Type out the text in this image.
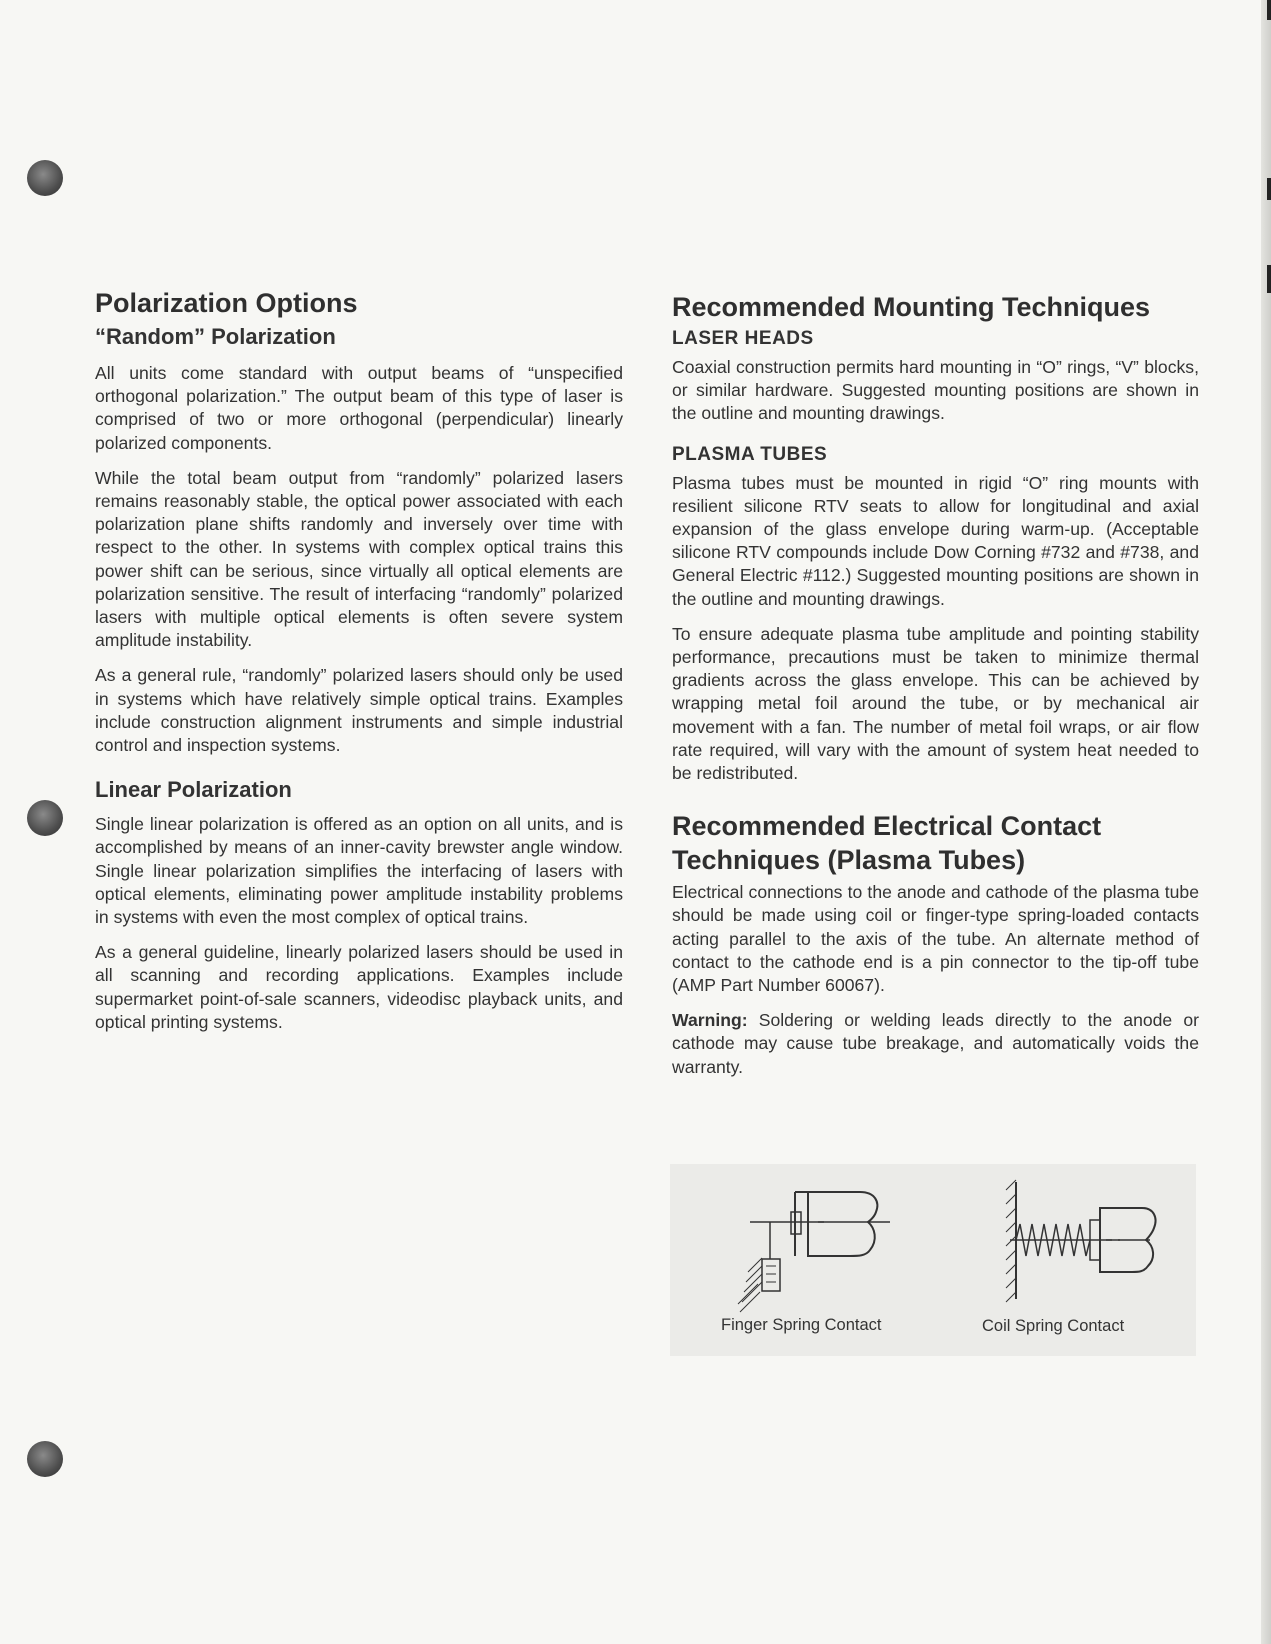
Polarization Options
“Random” Polarization

All units come standard with output beams of “unspecified orthogonal polarization.” The output beam of this type of laser is comprised of two or more orthogonal (perpendicular) linearly polarized components.

While the total beam output from “randomly” polarized lasers remains reasonably stable, the optical power associated with each polarization plane shifts randomly and inversely over time with respect to the other. In systems with complex optical trains this power shift can be serious, since virtually all optical elements are polarization sensitive. The result of interfacing “randomly” polarized lasers with multiple optical elements is often severe system amplitude instability.

As a general rule, “randomly” polarized lasers should only be used in systems which have relatively simple optical trains. Examples include construction alignment instruments and simple industrial control and inspection systems.

Linear Polarization

Single linear polarization is offered as an option on all units, and is accomplished by means of an inner-cavity brewster angle window. Single linear polarization simplifies the interfacing of lasers with optical elements, eliminating power amplitude instability problems in systems with even the most complex of optical trains.

As a general guideline, linearly polarized lasers should be used in all scanning and recording applications. Examples include supermarket point-of-sale scanners, videodisc playback units, and optical printing systems.

Recommended Mounting Techniques
LASER HEADS

Coaxial construction permits hard mounting in “O” rings, “V” blocks, or similar hardware. Suggested mounting positions are shown in the outline and mounting drawings.

PLASMA TUBES

Plasma tubes must be mounted in rigid “O” ring mounts with resilient silicone RTV seats to allow for longitudinal and axial expansion of the glass envelope during warm-up. (Acceptable silicone RTV compounds include Dow Corning #732 and #738, and General Electric #112.) Suggested mounting positions are shown in the outline and mounting drawings.

To ensure adequate plasma tube amplitude and pointing stability performance, precautions must be taken to minimize thermal gradients across the glass envelope. This can be achieved by wrapping metal foil around the tube, or by mechanical air movement with a fan. The number of metal foil wraps, or air flow rate required, will vary with the amount of system heat needed to be redistributed.

Recommended Electrical Contact
Techniques (Plasma Tubes)

Electrical connections to the anode and cathode of the plasma tube should be made using coil or finger-type spring-loaded contacts acting parallel to the axis of the tube. An alternate method of contact to the cathode end is a pin connector to the tip-off tube (AMP Part Number 60067).

Warning: Soldering or welding leads directly to the anode or cathode may cause tube breakage, and automatically voids the warranty.

Finger Spring Contact	Coil Spring Contact
